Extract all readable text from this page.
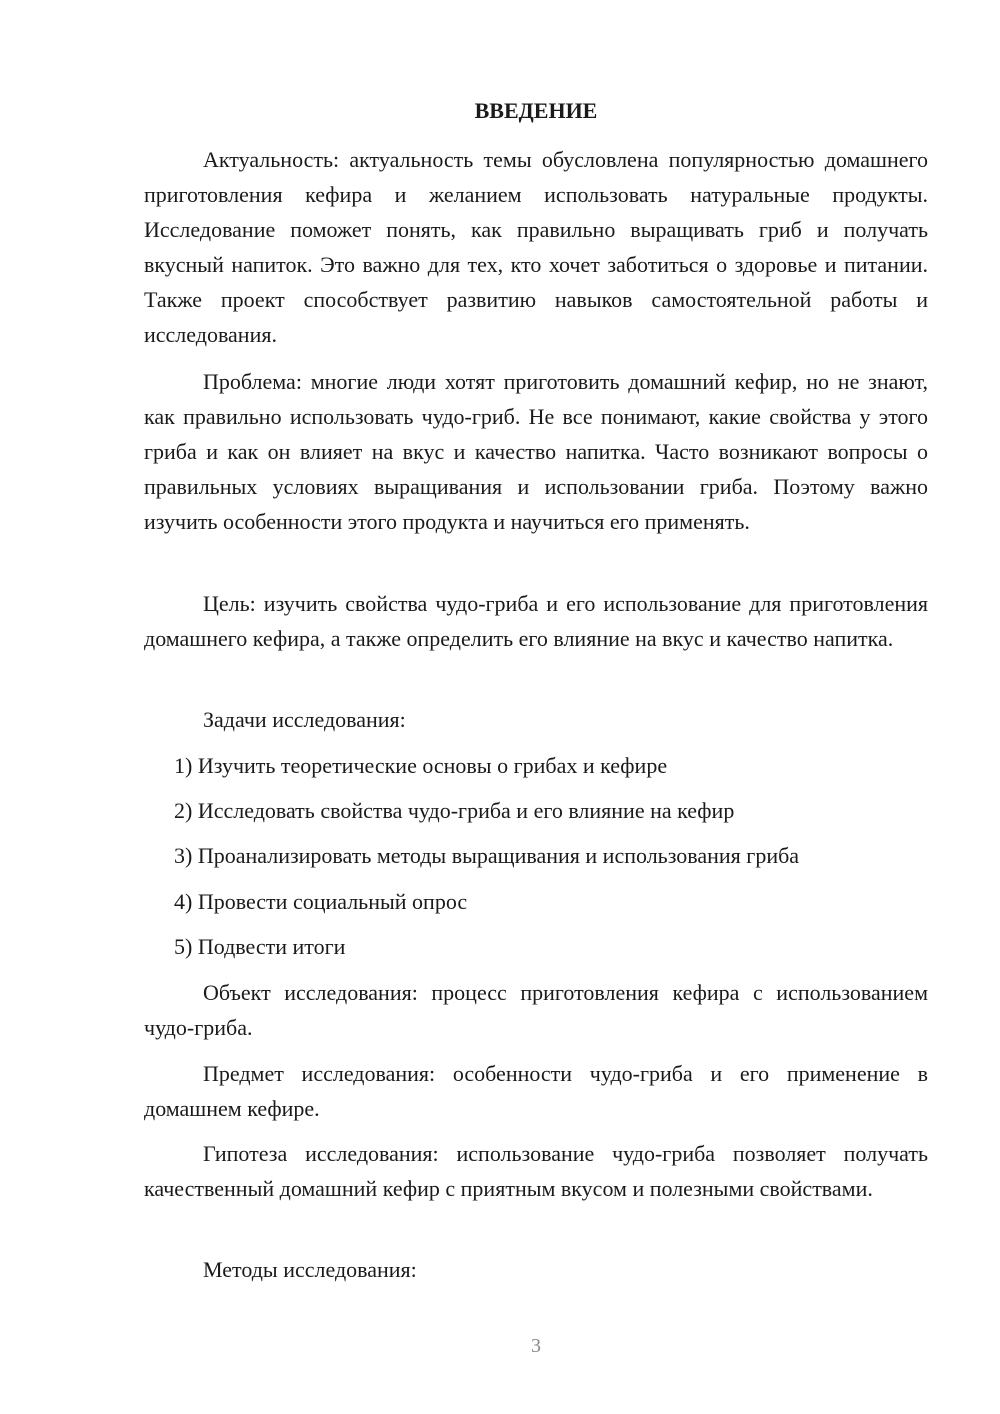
ВВЕДЕНИЕ

Актуальность: актуальность темы обусловлена популярностью домашнего приготовления кефира и желанием использовать натуральные продукты. Исследование поможет понять, как правильно выращивать гриб и получать вкусный напиток. Это важно для тех, кто хочет заботиться о здоровье и питании. Также проект способствует развитию навыков самостоятельной работы и исследования.

Проблема: многие люди хотят приготовить домашний кефир, но не знают, как правильно использовать чудо-гриб. Не все понимают, какие свойства у этого гриба и как он влияет на вкус и качество напитка. Часто возникают вопросы о правильных условиях выращивания и использовании гриба. Поэтому важно изучить особенности этого продукта и научиться его применять.

Цель: изучить свойства чудо-гриба и его использование для приготовления домашнего кефира, а также определить его влияние на вкус и качество напитка.

Задачи исследования:

1) Изучить теоретические основы о грибах и кефире

2) Исследовать свойства чудо-гриба и его влияние на кефир

3) Проанализировать методы выращивания и использования гриба

4) Провести социальный опрос

5) Подвести итоги

Объект исследования: процесс приготовления кефира с использованием чудо-гриба.

Предмет исследования: особенности чудо-гриба и его применение в домашнем кефире.

Гипотеза исследования: использование чудо-гриба позволяет получать качественный домашний кефир с приятным вкусом и полезными свойствами.

Методы исследования:

3
